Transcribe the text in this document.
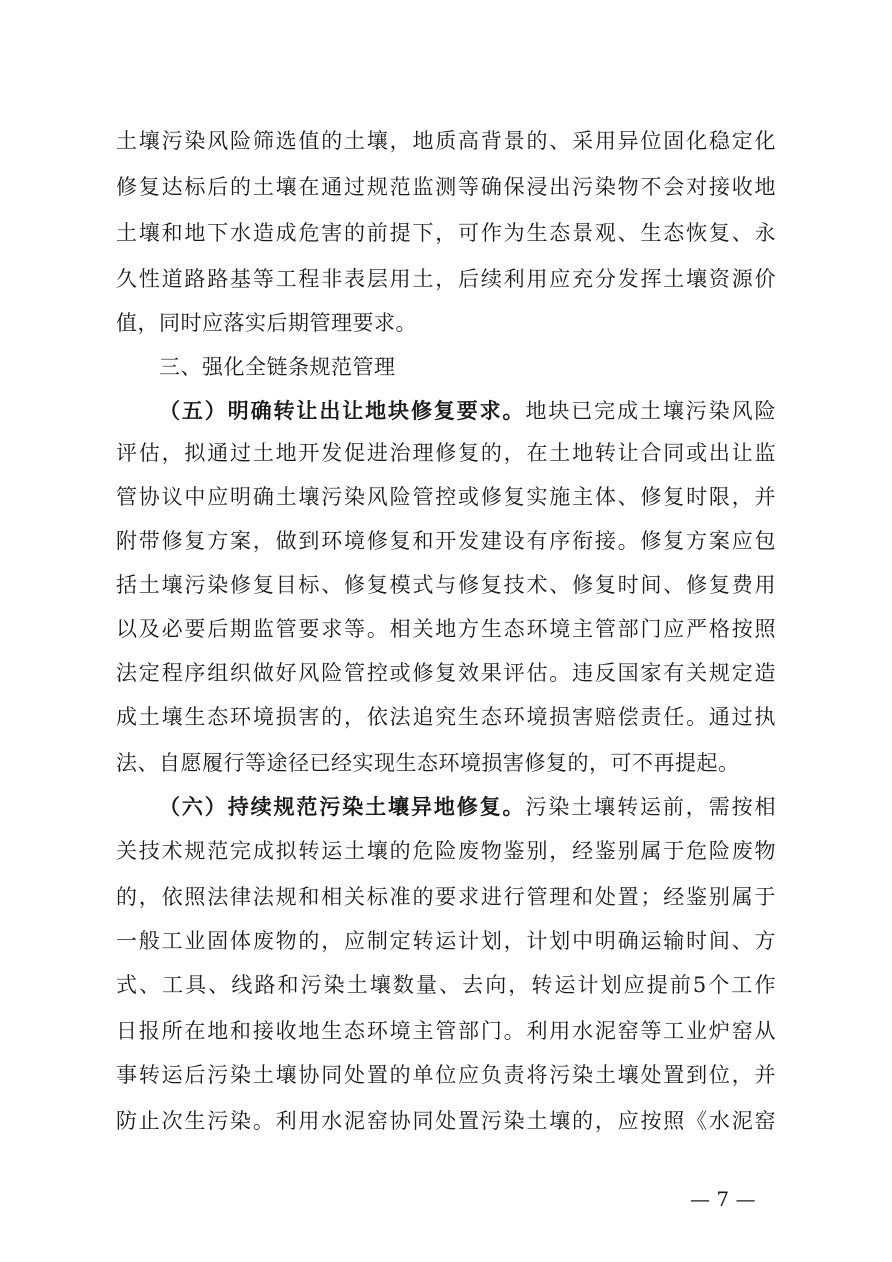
土壤污染风险筛选值的土壤，地质高背景的、采用异位固化稳定化
修复达标后的土壤在通过规范监测等确保浸出污染物不会对接收地
土壤和地下水造成危害的前提下，可作为生态景观、生态恢复、永
久性道路路基等工程非表层用土，后续利用应充分发挥土壤资源价
值，同时应落实后期管理要求。
三、强化全链条规范管理
（五）明确转让出让地块修复要求。地块已完成土壤污染风险
评估，拟通过土地开发促进治理修复的，在土地转让合同或出让监
管协议中应明确土壤污染风险管控或修复实施主体、修复时限，并
附带修复方案，做到环境修复和开发建设有序衔接。修复方案应包
括土壤污染修复目标、修复模式与修复技术、修复时间、修复费用
以及必要后期监管要求等。相关地方生态环境主管部门应严格按照
法定程序组织做好风险管控或修复效果评估。违反国家有关规定造
成土壤生态环境损害的，依法追究生态环境损害赔偿责任。通过执
法、自愿履行等途径已经实现生态环境损害修复的，可不再提起。
（六）持续规范污染土壤异地修复。污染土壤转运前，需按相
关技术规范完成拟转运土壤的危险废物鉴别，经鉴别属于危险废物
的，依照法律法规和相关标准的要求进行管理和处置；经鉴别属于
一般工业固体废物的，应制定转运计划，计划中明确运输时间、方
式、工具、线路和污染土壤数量、去向，转运计划应提前5个工作
日报所在地和接收地生态环境主管部门。利用水泥窑等工业炉窑从
事转运后污染土壤协同处置的单位应负责将污染土壤处置到位，并
防止次生污染。利用水泥窑协同处置污染土壤的，应按照《水泥窑
— 7 —
